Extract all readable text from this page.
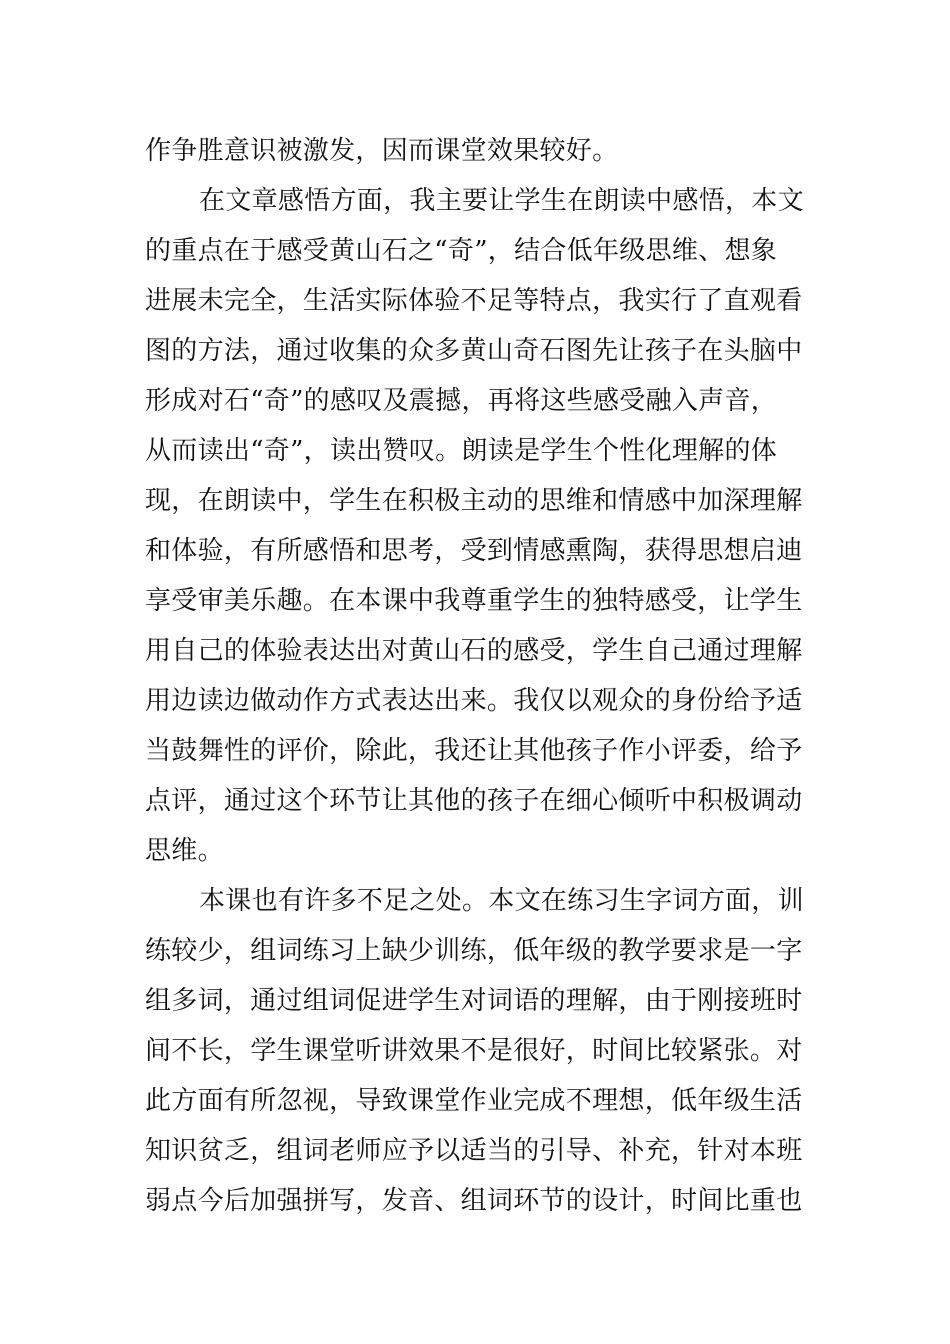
作争胜意识被激发，因而课堂效果较好。
在文章感悟方面，我主要让学生在朗读中感悟，本文
的重点在于感受黄山石之“奇”，结合低年级思维、想象
进展未完全，生活实际体验不足等特点，我实行了直观看
图的方法，通过收集的众多黄山奇石图先让孩子在头脑中
形成对石“奇”的感叹及震撼，再将这些感受融入声音，
从而读出“奇”，读出赞叹。朗读是学生个性化理解的体
现，在朗读中，学生在积极主动的思维和情感中加深理解
和体验，有所感悟和思考，受到情感熏陶，获得思想启迪
享受审美乐趣。在本课中我尊重学生的独特感受，让学生
用自己的体验表达出对黄山石的感受，学生自己通过理解
用边读边做动作方式表达出来。我仅以观众的身份给予适
当鼓舞性的评价，除此，我还让其他孩子作小评委，给予
点评，通过这个环节让其他的孩子在细心倾听中积极调动
思维。
本课也有许多不足之处。本文在练习生字词方面，训
练较少，组词练习上缺少训练，低年级的教学要求是一字
组多词，通过组词促进学生对词语的理解，由于刚接班时
间不长，学生课堂听讲效果不是很好，时间比较紧张。对
此方面有所忽视，导致课堂作业完成不理想，低年级生活
知识贫乏，组词老师应予以适当的引导、补充，针对本班
弱点今后加强拼写，发音、组词环节的设计，时间比重也
